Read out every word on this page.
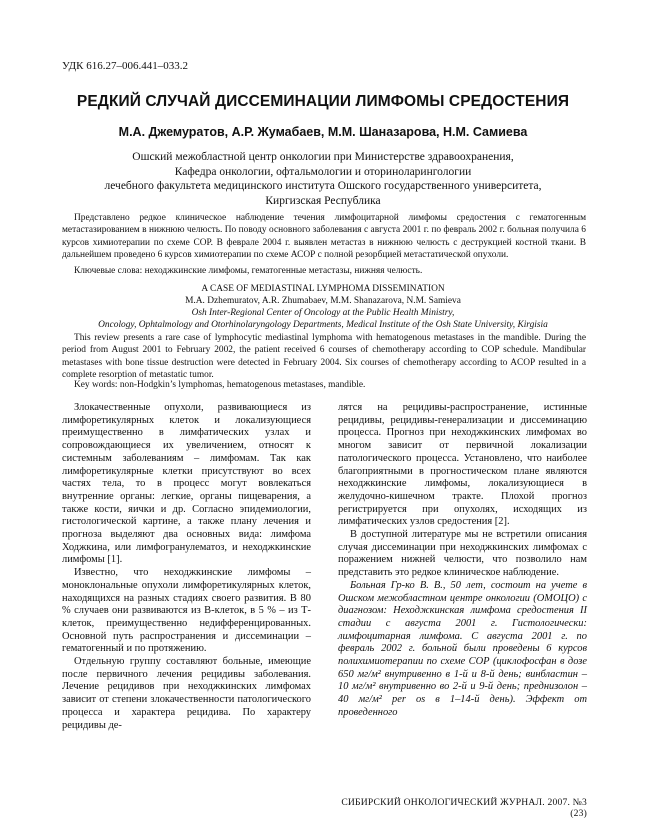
УДК 616.27–006.441–033.2
РЕДКИЙ СЛУЧАЙ ДИССЕМИНАЦИИ ЛИМФОМЫ СРЕДОСТЕНИЯ
М.А. Джемуратов, А.Р. Жумабаев, М.М. Шаназарова, Н.М. Самиева
Ошский межобластной центр онкологии при Министерстве здравоохранения,
Кафедра онкологии, офтальмологии и оториноларингологии
лечебного факультета медицинского института Ошского государственного университета,
Киргизская Республика

Представлено редкое клиническое наблюдение течения лимфоцитарной лимфомы средостения с гематогенным метастазированием в нижнюю челюсть. По поводу основного заболевания с августа 2001 г. по февраль 2002 г. больная получила 6 курсов химиотерапии по схеме СОР. В феврале 2004 г. выявлен метастаз в нижнюю челюсть с деструкцией костной ткани. В дальнейшем проведено 6 курсов химиотерапии по схеме АСОР с полной резорбцией метастатической опухоли.

Ключевые слова: неходжкинские лимфомы, гематогенные метастазы, нижняя челюсть.
A CASE OF MEDIASTINAL LYMPHOMA DISSEMINATION
M.A. Dzhemuratov, A.R. Zhumabaev, M.M. Shanazarova, N.M. Samieva
Osh Inter-Regional Center of Oncology at the Public Health Ministry,
Oncology, Ophtalmology and Otorhinolaryngology Departments, Medical Institute of the Osh State University, Kirgisia

This review presents a rare case of lymphocytic mediastinal lymphoma with hematogenous metastases in the mandible. During the period from August 2001 to February 2002, the patient received 6 courses of chemotherapy according to COP schedule. Mandibular metastases with bone tissue destruction were detected in February 2004. Six courses of chemotherapy according to ACOP resulted in a complete resorption of metastatic tumor.

Key words: non-Hodgkin’s lymphomas, hematogenous metastases, mandible.

Злокачественные опухоли, развивающиеся из лимфоретикулярных клеток и локализующиеся преимущественно в лимфатических узлах и сопровождающиеся их увеличением, относят к системным заболеваниям – лимфомам. Так как лимфоретикулярные клетки присутствуют во всех частях тела, то в процесс могут вовлекаться внутренние органы: легкие, органы пищеварения, а также кости, яички и др. Согласно эпидемиологии, гистологической картине, а также плану лечения и прогноза выделяют два основных вида: лимфома Ходжкина, или лимфогранулематоз, и неходжкинские лимфомы [1].

Известно, что неходжкинские лимфомы – моноклональные опухоли лимфоретикулярных клеток, находящихся на разных стадиях своего развития. В 80 % случаев они развиваются из В-клеток, в 5 % – из Т-клеток, преимущественно недифференцированных. Основной путь распространения и диссеминации – гематогенный и по протяжению.

Отдельную группу составляют больные, имеющие после первичного лечения рецидивы заболевания. Лечение рецидивов при неходжкинских лимфомах зависит от степени злокачественности патологического процесса и характера рецидива. По характеру рецидивы де-

лятся на рецидивы-распространение, истинные рецидивы, рецидивы-генерализации и диссеминацию процесса. Прогноз при неходжкинских лимфомах во многом зависит от первичной локализации патологического процесса. Установлено, что наиболее благоприятными в прогностическом плане являются неходжкинские лимфомы, локализующиеся в желудочно-кишечном тракте. Плохой прогноз регистрируется при опухолях, исходящих из лимфатических узлов средостения [2].

В доступной литературе мы не встретили описания случая диссеминации при неходжкинских лимфомах с поражением нижней челюсти, что позволило нам представить это редкое клиническое наблюдение.

Больная Гр-ко В. В., 50 лет, состоит на учете в Ошском межобластном центре онкологии (ОМОЦО) с диагнозом: Неходжкинская лимфома средостения II стадии с августа 2001 г. Гистологически: лимфоцитарная лимфома. С августа 2001 г. по февраль 2002 г. больной были проведены 6 курсов полихимиотерапии по схеме СОР (циклофосфан в дозе 650 мг/м² внутривенно в 1-й и 8-й день; винбластин – 10 мг/м² внутривенно во 2-й и 9-й день; преднизолон – 40 мг/м² per os в 1–14-й день). Эффект от проведенного

СИБИРСКИЙ ОНКОЛОГИЧЕСКИЙ ЖУРНАЛ. 2007. №3 (23)
